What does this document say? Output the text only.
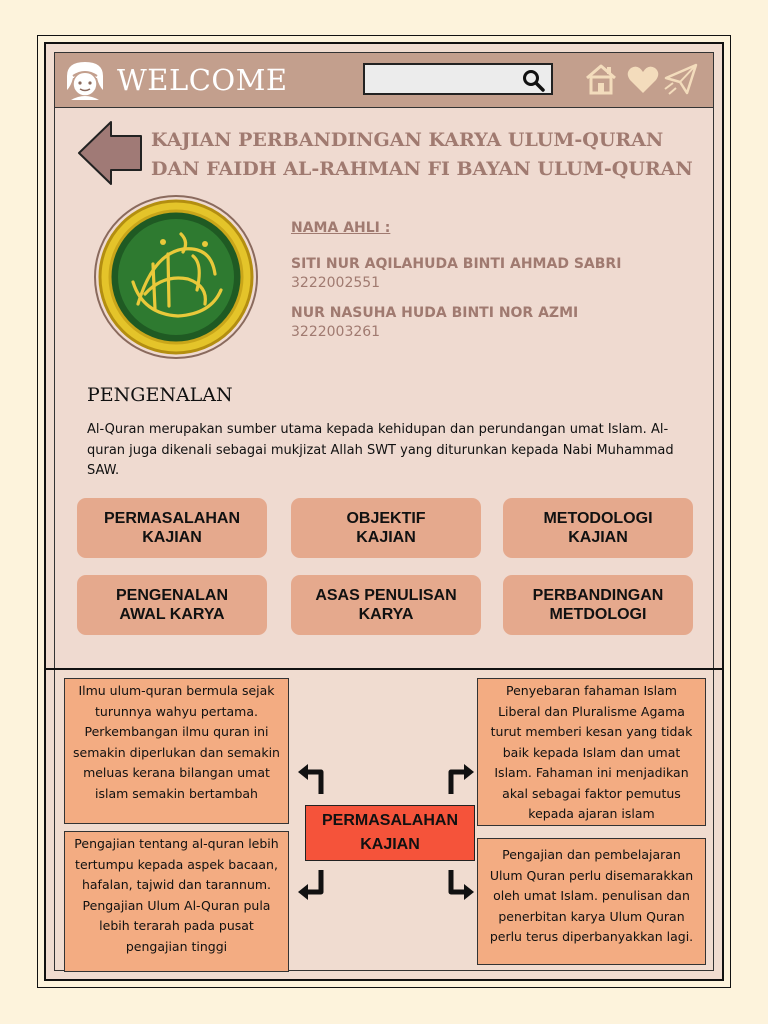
WELCOME
KAJIAN PERBANDINGAN KARYA ULUM-QURAN
DAN FAIDH AL-RAHMAN FI BAYAN ULUM-QURAN
NAMA AHLI :
SITI NUR AQILAHUDA BINTI AHMAD SABRI
3222002551
NUR NASUHA HUDA BINTI NOR AZMI
3222003261
PENGENALAN
Al-Quran merupakan sumber utama kepada kehidupan dan perundangan umat Islam. Al-quran juga dikenali sebagai mukjizat Allah SWT yang diturunkan kepada Nabi Muhammad SAW.
PERMASALAHAN
KAJIAN
OBJEKTIF
KAJIAN
METODOLOGI
KAJIAN
PENGENALAN
AWAL KARYA
ASAS PENULISAN
KARYA
PERBANDINGAN
METDOLOGI
Ilmu ulum-quran bermula sejak turunnya wahyu pertama. Perkembangan ilmu quran ini semakin diperlukan dan semakin meluas kerana bilangan umat islam semakin bertambah
Pengajian tentang al-quran lebih tertumpu kepada aspek bacaan, hafalan, tajwid dan tarannum. Pengajian Ulum Al-Quran pula lebih terarah pada pusat pengajian tinggi
Penyebaran fahaman Islam Liberal dan Pluralisme Agama turut memberi kesan yang tidak baik kepada Islam dan umat Islam. Fahaman ini menjadikan akal sebagai faktor pemutus kepada ajaran islam
Pengajian dan pembelajaran Ulum Quran perlu disemarakkan oleh umat Islam. penulisan dan penerbitan karya Ulum Quran perlu terus diperbanyakkan lagi.
PERMASALAHAN
KAJIAN
